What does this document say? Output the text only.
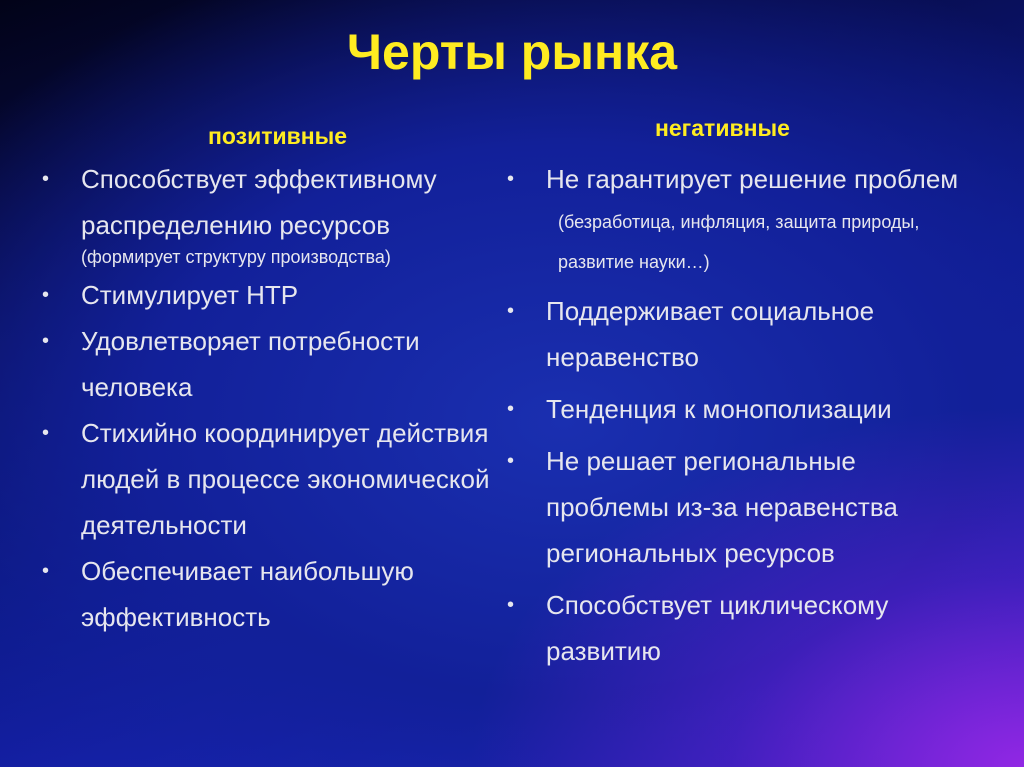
Черты рынка
позитивные
• Способствует эффективному распределению ресурсов
(формирует структуру производства)
• Стимулирует НТР
• Удовлетворяет потребности человека
• Стихийно координирует действия людей в процессе экономической деятельности
• Обеспечивает наибольшую эффективность
негативные
• Не гарантирует решение проблем
(безработица, инфляция, защита природы, развитие науки…)
• Поддерживает социальное неравенство
• Тенденция к монополизации
• Не решает региональные проблемы из-за неравенства региональных ресурсов
• Способствует циклическому развитию
